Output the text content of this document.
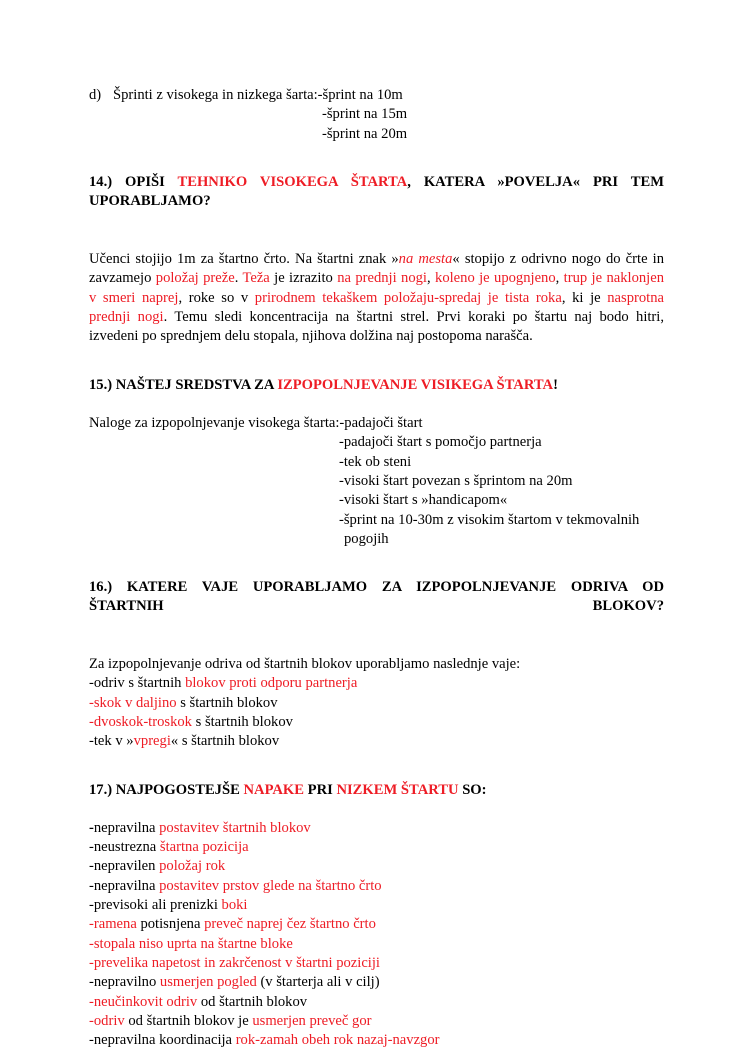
d) Šprinti z visokega in nizkega šarta:-šprint na 10m
-šprint na 15m
-šprint na 20m
14.) OPIŠI TEHNIKO VISOKEGA ŠTARTA, KATERA »POVELJA« PRI TEM UPORABLJAMO?

Učenci stojijo 1m za štartno črto. Na štartni znak »na mesta« stopijo z odrivno nogo do črte in zavzamejo položaj preže. Teža je izrazito na prednji nogi, koleno je upognjeno, trup je naklonjen v smeri naprej, roke so v prirodnem tekaškem položaju-spredaj je tista roka, ki je nasprotna prednji nogi. Temu sledi koncentracija na štartni strel. Prvi koraki po štartu naj bodo hitri, izvedeni po sprednjem delu stopala, njihova dolžina naj postopoma narašča.

15.) NAŠTEJ SREDSTVA ZA IZPOPOLNJEVANJE VISIKEGA ŠTARTA!

Naloge za izpopolnjevanje visokega štarta:-padajoči štart

-padajoči štart s pomočjo partnerja
-tek ob steni
-visoki štart povezan s šprintom na 20m
-visoki štart s »handicapom«
-šprint na 10-30m z visokim štartom v tekmovalnih
pogojih
16.) KATERE VAJE UPORABLJAMO ZA IZPOPOLNJEVANJE ODRIVA OD ŠTARTNIH BLOKOV?

Za izpopolnjevanje odriva od štartnih blokov uporabljamo naslednje vaje:

-odriv s štartnih blokov proti odporu partnerja
-skok v daljino s štartnih blokov
-dvoskok-troskok s štartnih blokov
-tek v »vpregi« s štartnih blokov
17.) NAJPOGOSTEJŠE NAPAKE PRI NIZKEM ŠTARTU SO:
-nepravilna postavitev štartnih blokov
-neustrezna štartna pozicija
-nepravilen položaj rok
-nepravilna postavitev prstov glede na štartno črto
-previsoki ali prenizki boki
-ramena potisnjena preveč naprej čez štartno črto
-stopala niso uprta na štartne bloke
-prevelika napetost in zakrčenost v štartni poziciji
-nepravilno usmerjen pogled (v štarterja ali v cilj)
-neučinkovit odriv od štartnih blokov
-odriv od štartnih blokov je usmerjen preveč gor
-nepravilna koordinacija rok-zamah obeh rok nazaj-navzgor
